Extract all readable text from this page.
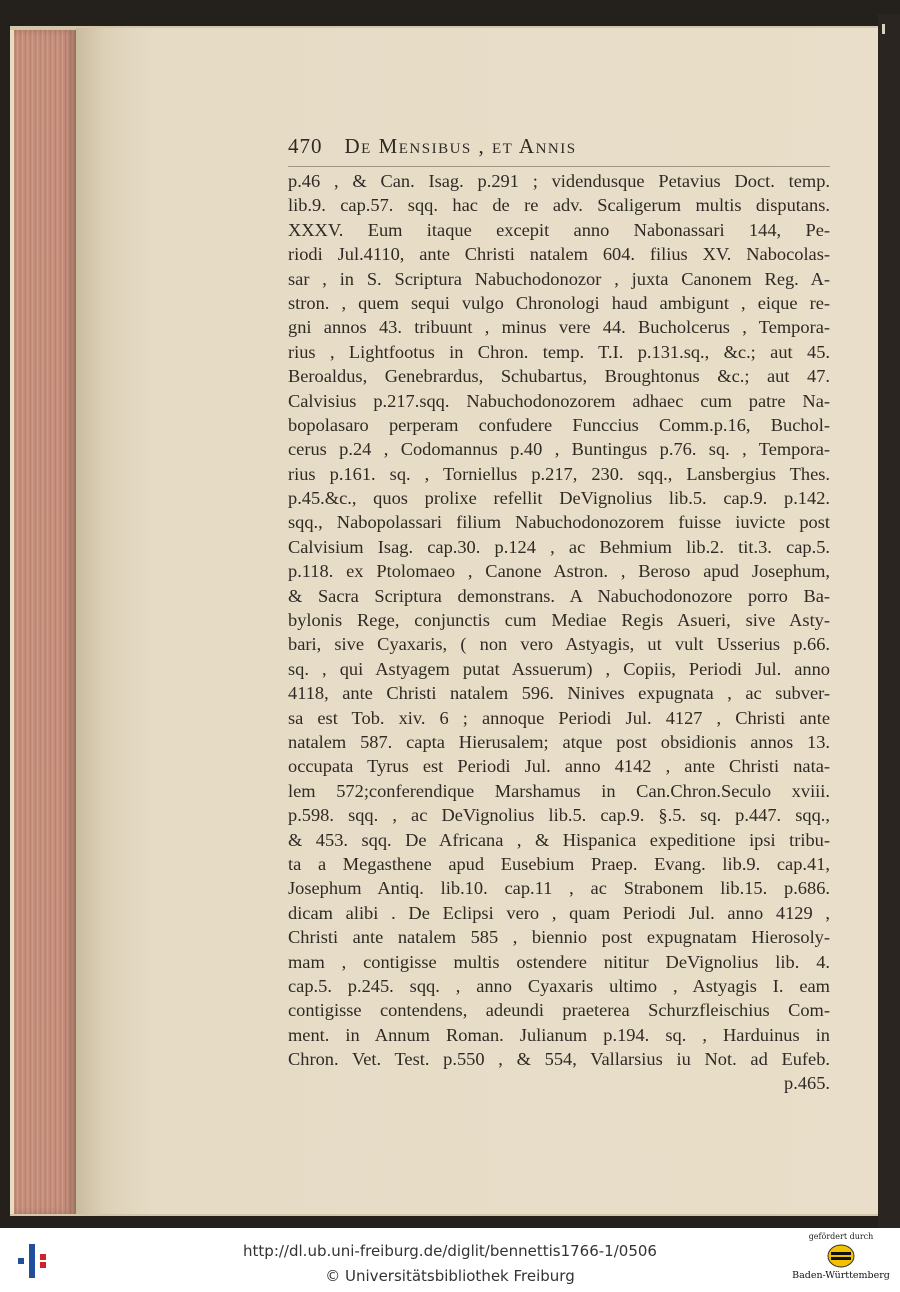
470 De Mensibus , et Annis
p.46 , & Can. Isag. p.291 ; videndusque Petavius Doct. temp.
lib.9. cap.57. sqq. hac de re adv. Scaligerum multis disputans.
XXXV. Eum itaque excepit anno Nabonassari 144, Pe-
riodi Jul.4110, ante Christi natalem 604. filius XV. Nabocolas-
sar , in S. Scriptura Nabuchodonozor , juxta Canonem Reg. A-
stron. , quem sequi vulgo Chronologi haud ambigunt , eique re-
gni annos 43. tribuunt , minus vere 44. Bucholcerus , Tempora-
rius , Lightfootus in Chron. temp. T.I. p.131.sq., &c.; aut 45.
Beroaldus, Genebrardus, Schubartus, Broughtonus &c.; aut 47.
Calvisius p.217.sqq. Nabuchodonozorem adhaec cum patre Na-
bopolasaro perperam confudere Funccius Comm.p.16, Buchol-
cerus p.24 , Codomannus p.40 , Buntingus p.76. sq. , Tempora-
rius p.161. sq. , Torniellus p.217, 230. sqq., Lansbergius Thes.
p.45.&c., quos prolixe refellit DeVignolius lib.5. cap.9. p.142.
sqq., Nabopolassari filium Nabuchodonozorem fuisse iuvicte post
Calvisium Isag. cap.30. p.124 , ac Behmium lib.2. tit.3. cap.5.
p.118. ex Ptolomaeo , Canone Astron. , Beroso apud Josephum,
& Sacra Scriptura demonstrans. A Nabuchodonozore porro Ba-
bylonis Rege, conjunctis cum Mediae Regis Asueri, sive Asty-
bari, sive Cyaxaris, ( non vero Astyagis, ut vult Usserius p.66.
sq. , qui Astyagem putat Assuerum) , Copiis, Periodi Jul. anno
4118, ante Christi natalem 596. Ninives expugnata , ac subver-
sa est Tob. xiv. 6 ; annoque Periodi Jul. 4127 , Christi ante
natalem 587. capta Hierusalem; atque post obsidionis annos 13.
occupata Tyrus est Periodi Jul. anno 4142 , ante Christi nata-
lem 572;conferendique Marshamus in Can.Chron.Seculo xviii.
p.598. sqq. , ac DeVignolius lib.5. cap.9. §.5. sq. p.447. sqq.,
& 453. sqq. De Africana , & Hispanica expeditione ipsi tribu-
ta a Megasthene apud Eusebium Praep. Evang. lib.9. cap.41,
Josephum Antiq. lib.10. cap.11 , ac Strabonem lib.15. p.686.
dicam alibi . De Eclipsi vero , quam Periodi Jul. anno 4129 ,
Christi ante natalem 585 , biennio post expugnatam Hierosoly-
mam , contigisse multis ostendere nititur DeVignolius lib. 4.
cap.5. p.245. sqq. , anno Cyaxaris ultimo , Astyagis I. eam
contigisse contendens, adeundi praeterea Schurzfleischius Com-
ment. in Annum Roman. Julianum p.194. sq. , Harduinus in
Chron. Vet. Test. p.550 , & 554, Vallarsius iu Not. ad Eufeb.
p.465.
http://dl.ub.uni-freiburg.de/diglit/bennettis1766-1/0506
© Universitätsbibliothek Freiburg
gefördert durch
Baden-Württemberg
